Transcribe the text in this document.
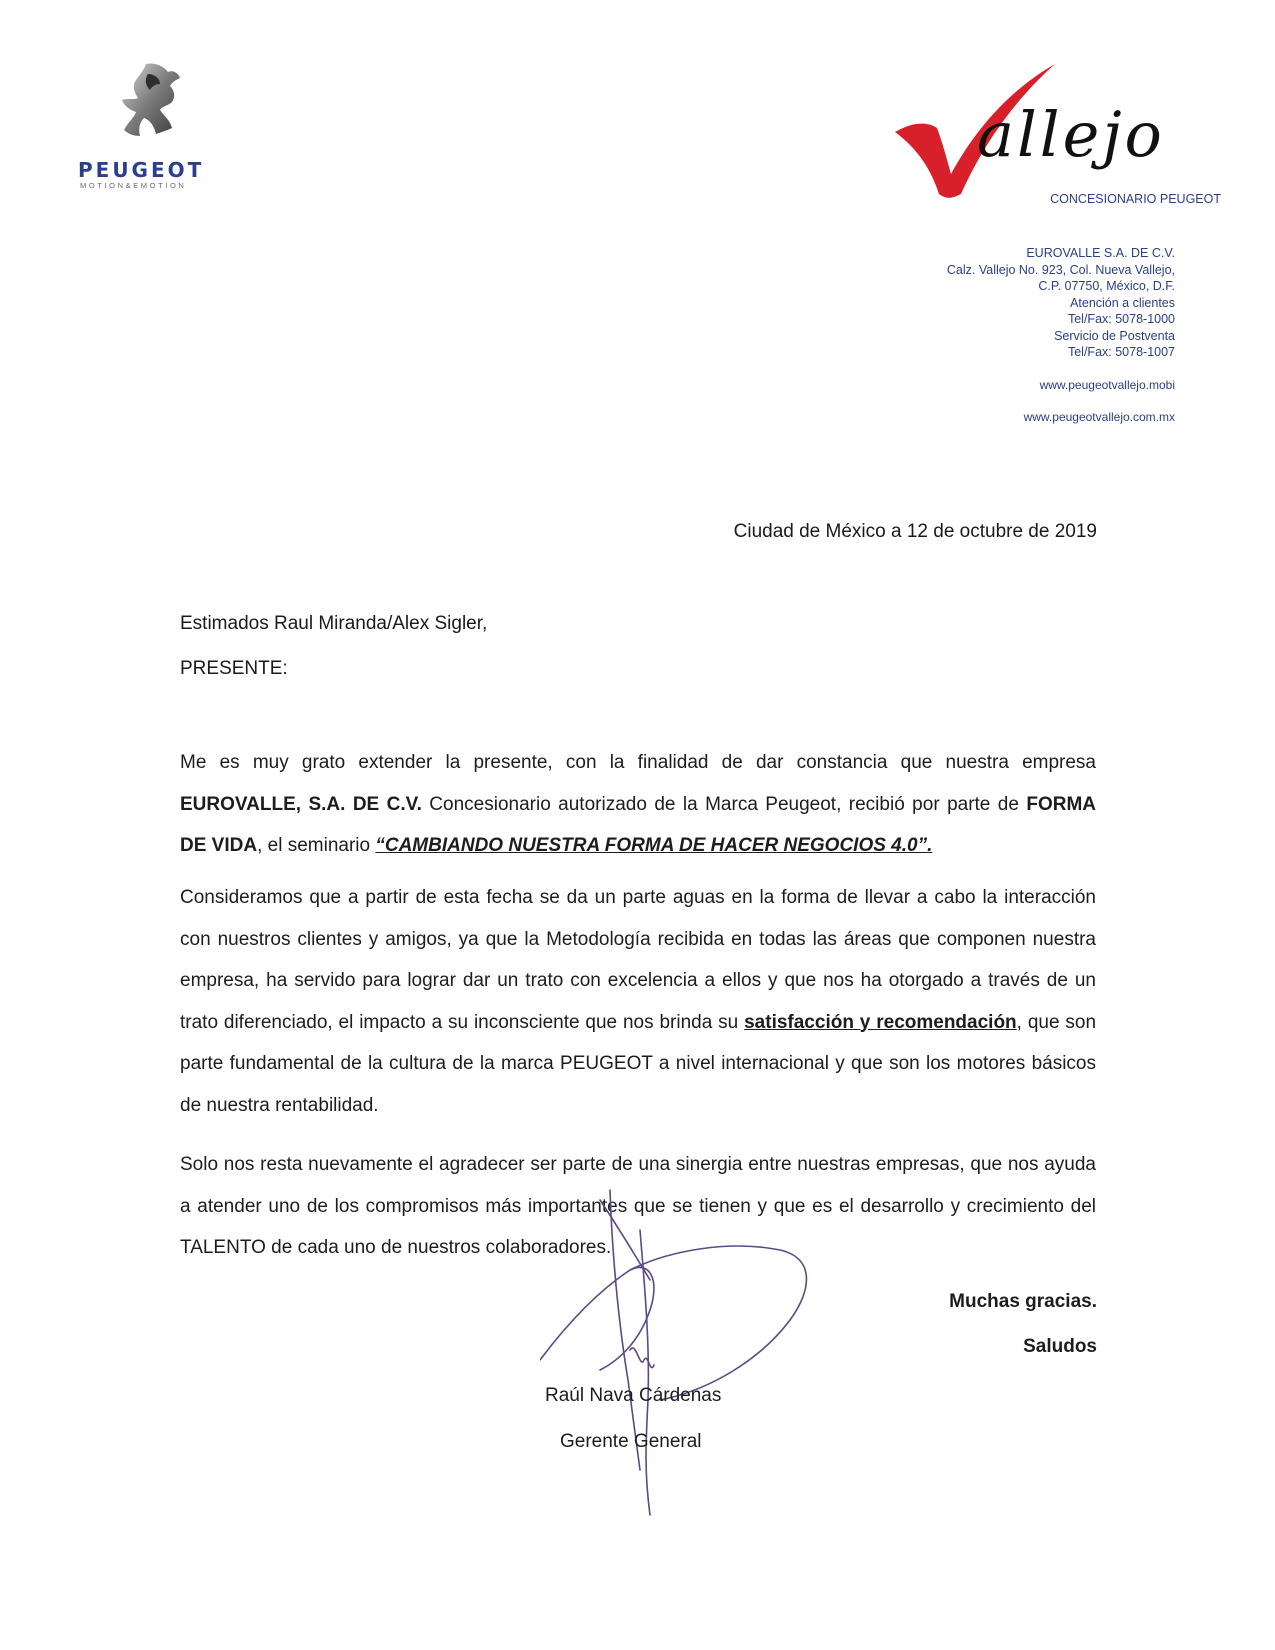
PEUGEOT
MOTION&EMOTION
allejo
CONCESIONARIO PEUGEOT
EUROVALLE S.A. DE C.V.
Calz. Vallejo No. 923, Col. Nueva Vallejo,
C.P. 07750, México, D.F.
Atención a clientes
Tel/Fax: 5078-1000
Servicio de Postventa
Tel/Fax: 5078-1007
www.peugeotvallejo.mobi
www.peugeotvallejo.com.mx
Ciudad de México a 12 de octubre de 2019
Estimados Raul Miranda/Alex Sigler,
PRESENTE:
Me es muy grato extender la presente, con la finalidad de dar constancia que nuestra empresa EUROVALLE, S.A. DE C.V. Concesionario autorizado de la Marca Peugeot, recibió por parte de FORMA DE VIDA, el seminario “CAMBIANDO NUESTRA FORMA DE HACER NEGOCIOS 4.0”.
Consideramos que a partir de esta fecha se da un parte aguas en la forma de llevar a cabo la interacción con nuestros clientes y amigos, ya que la Metodología recibida en todas las áreas que componen nuestra empresa, ha servido para lograr dar un trato con excelencia a ellos y que nos ha otorgado a través de un trato diferenciado, el impacto a su inconsciente que nos brinda su satisfacción y recomendación, que son parte fundamental de la cultura de la marca PEUGEOT a nivel internacional y que son los motores básicos de nuestra rentabilidad.
Solo nos resta nuevamente el agradecer ser parte de una sinergia entre nuestras empresas, que nos ayuda a atender uno de los compromisos más importantes que se tienen y que es el desarrollo y crecimiento del TALENTO de cada uno de nuestros colaboradores.
Muchas gracias.
Saludos
Raúl Nava Cárdenas
Gerente General
